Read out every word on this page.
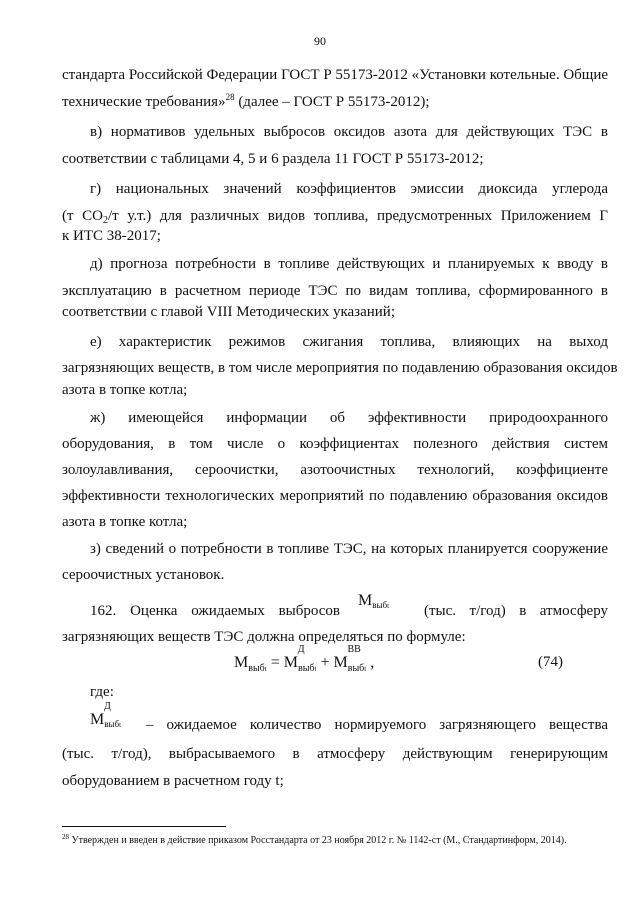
90
стандарта Российской Федерации ГОСТ Р 55173-2012 «Установки котельные. Общие
технические требования»$^{28}$ (далее – ГОСТ Р 55173-2012);
в) нормативов удельных выбросов оксидов азота для действующих ТЭС в
соответствии с таблицами 4, 5 и 6 раздела 11 ГОСТ Р 55173-2012;
г) национальных значений коэффициентов эмиссии диоксида углерода
(т $СО_2/т$ у.т.) для различных видов топлива, предусмотренных Приложением Г
к ИТС 38-2017;
д) прогноза потребности в топливе действующих и планируемых к вводу в
эксплуатацию в расчетном периоде ТЭС по видам топлива, сформированного в
соответствии с главой VIII Методических указаний;
е) характеристик режимов сжигания топлива, влияющих на выход
загрязняющих веществ, в том числе мероприятия по подавлению образования оксидов
азота в топке котла;
ж) имеющейся информации об эффективности природоохранного
оборудования, в том числе о коэффициентах полезного действия систем
золоулавливания, сероочистки, азотоочистных технологий, коэффициенте
эффективности технологических мероприятий по подавлению образования оксидов
азота в топке котла;
з) сведений о потребности в топливе ТЭС, на которых планируется сооружение
сероочистных установок.
162. Оценка ожидаемых выбросов
Mвыбt (тыс. т/год) в атмосферу
загрязняющих веществ ТЭС должна определяться по формуле:
$M_{выбt} = M$
Д
$_{выбt}$ + M
ВВ
$_{выбt}$ ,	(74)
где:
M
Д
выбt – ожидаемое количество нормируемого загрязняющего вещества
(тыс. т/год), выбрасываемого в атмосферу действующим генерирующим
оборудованием в расчетном году t;
$^{28}$ Утвержден и введен в действие приказом Росстандарта от 23 ноября 2012 г. № 1142-ст (М., Стандартинформ, 2014).
